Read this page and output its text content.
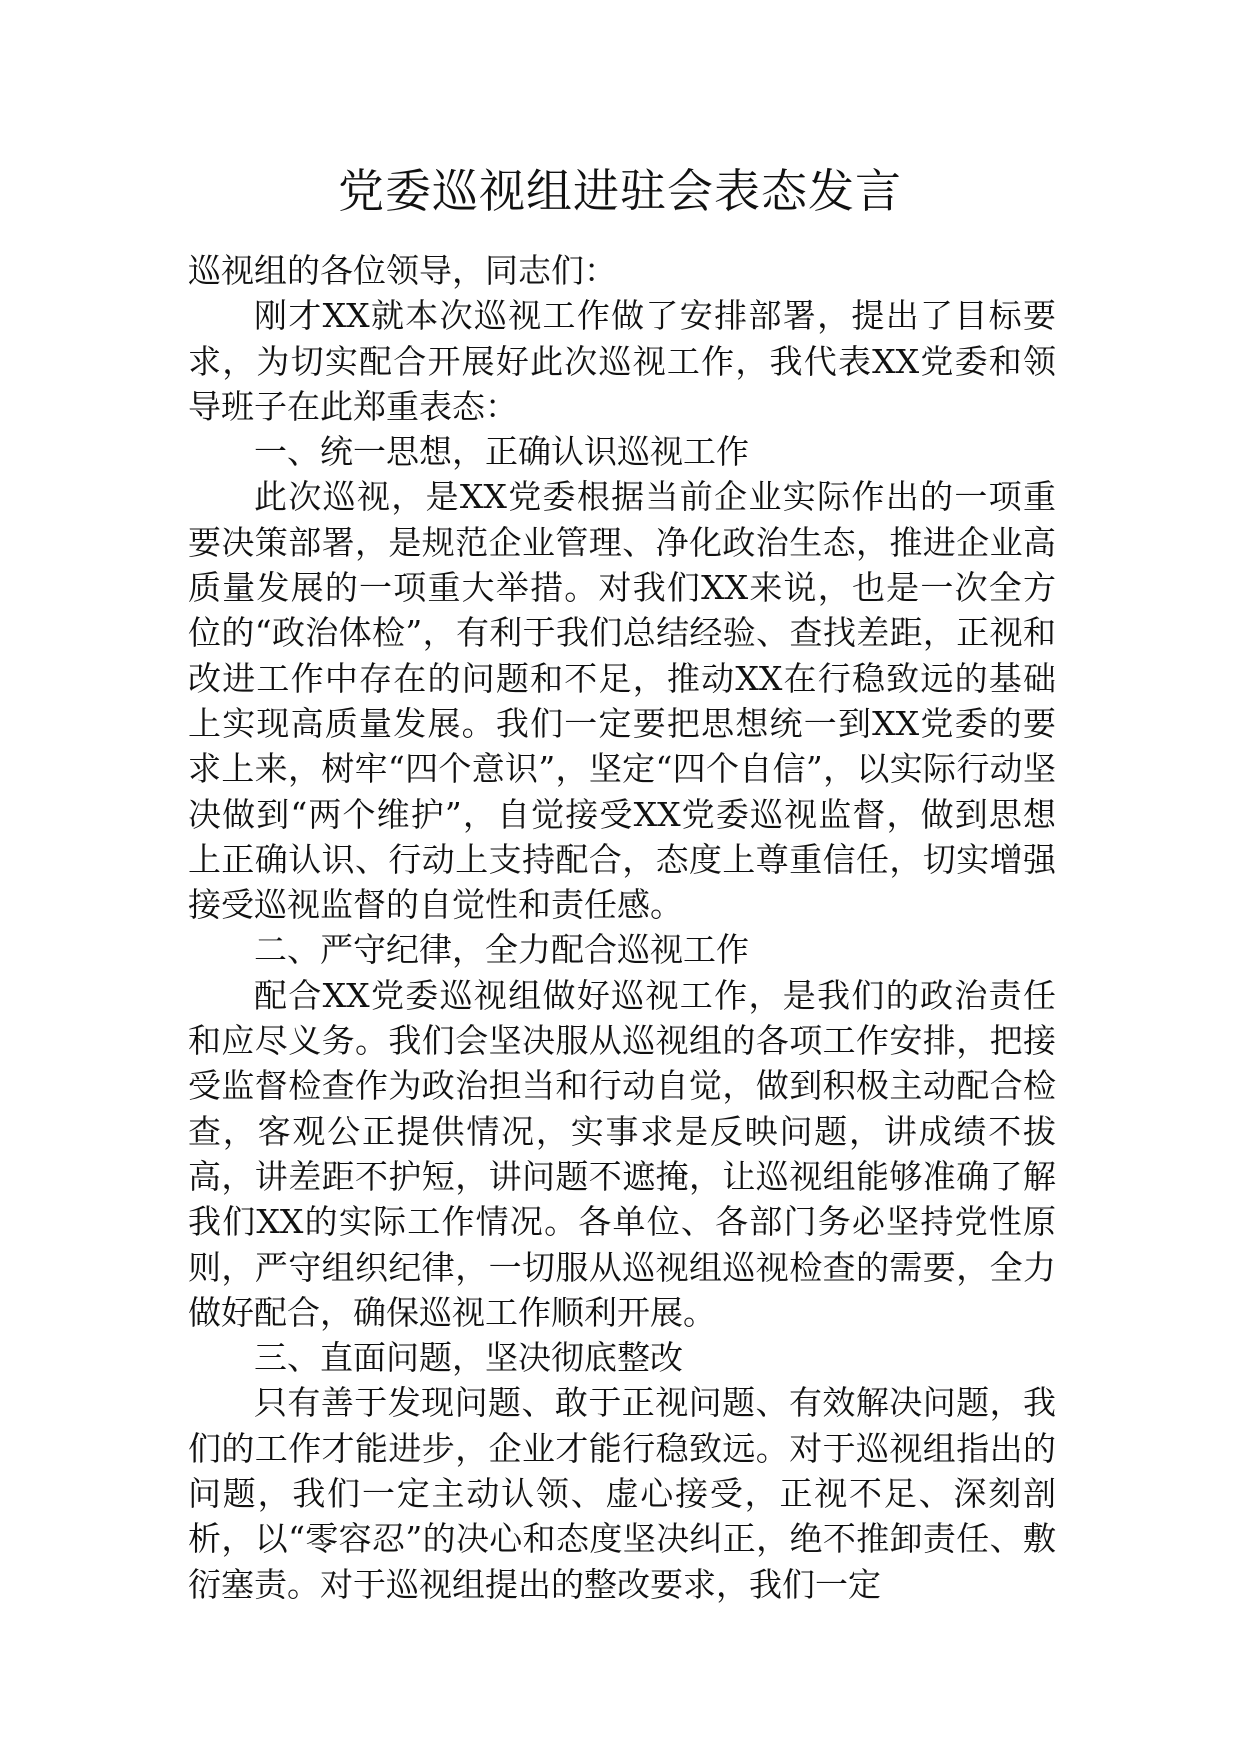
党委巡视组进驻会表态发言

巡视组的各位领导，同志们：

刚才XX就本次巡视工作做了安排部署，提出了目标要求，为切实配合开展好此次巡视工作，我代表XX党委和领导班子在此郑重表态：

一、统一思想，正确认识巡视工作

此次巡视，是XX党委根据当前企业实际作出的一项重要决策部署，是规范企业管理、净化政治生态，推进企业高质量发展的一项重大举措。对我们XX来说，也是一次全方位的“政治体检”，有利于我们总结经验、查找差距，正视和改进工作中存在的问题和不足，推动XX在行稳致远的基础上实现高质量发展。我们一定要把思想统一到XX党委的要求上来，树牢“四个意识”，坚定“四个自信”，以实际行动坚决做到“两个维护”，自觉接受XX党委巡视监督，做到思想上正确认识、行动上支持配合，态度上尊重信任，切实增强接受巡视监督的自觉性和责任感。

二、严守纪律，全力配合巡视工作

配合XX党委巡视组做好巡视工作，是我们的政治责任和应尽义务。我们会坚决服从巡视组的各项工作安排，把接受监督检查作为政治担当和行动自觉，做到积极主动配合检查，客观公正提供情况，实事求是反映问题，讲成绩不拔高，讲差距不护短，讲问题不遮掩，让巡视组能够准确了解我们XX的实际工作情况。各单位、各部门务必坚持党性原则，严守组织纪律，一切服从巡视组巡视检查的需要，全力做好配合，确保巡视工作顺利开展。

三、直面问题，坚决彻底整改

只有善于发现问题、敢于正视问题、有效解决问题，我们的工作才能进步，企业才能行稳致远。对于巡视组指出的问题，我们一定主动认领、虚心接受，正视不足、深刻剖析，以“零容忍”的决心和态度坚决纠正，绝不推卸责任、敷衍塞责。对于巡视组提出的整改要求，我们一定
